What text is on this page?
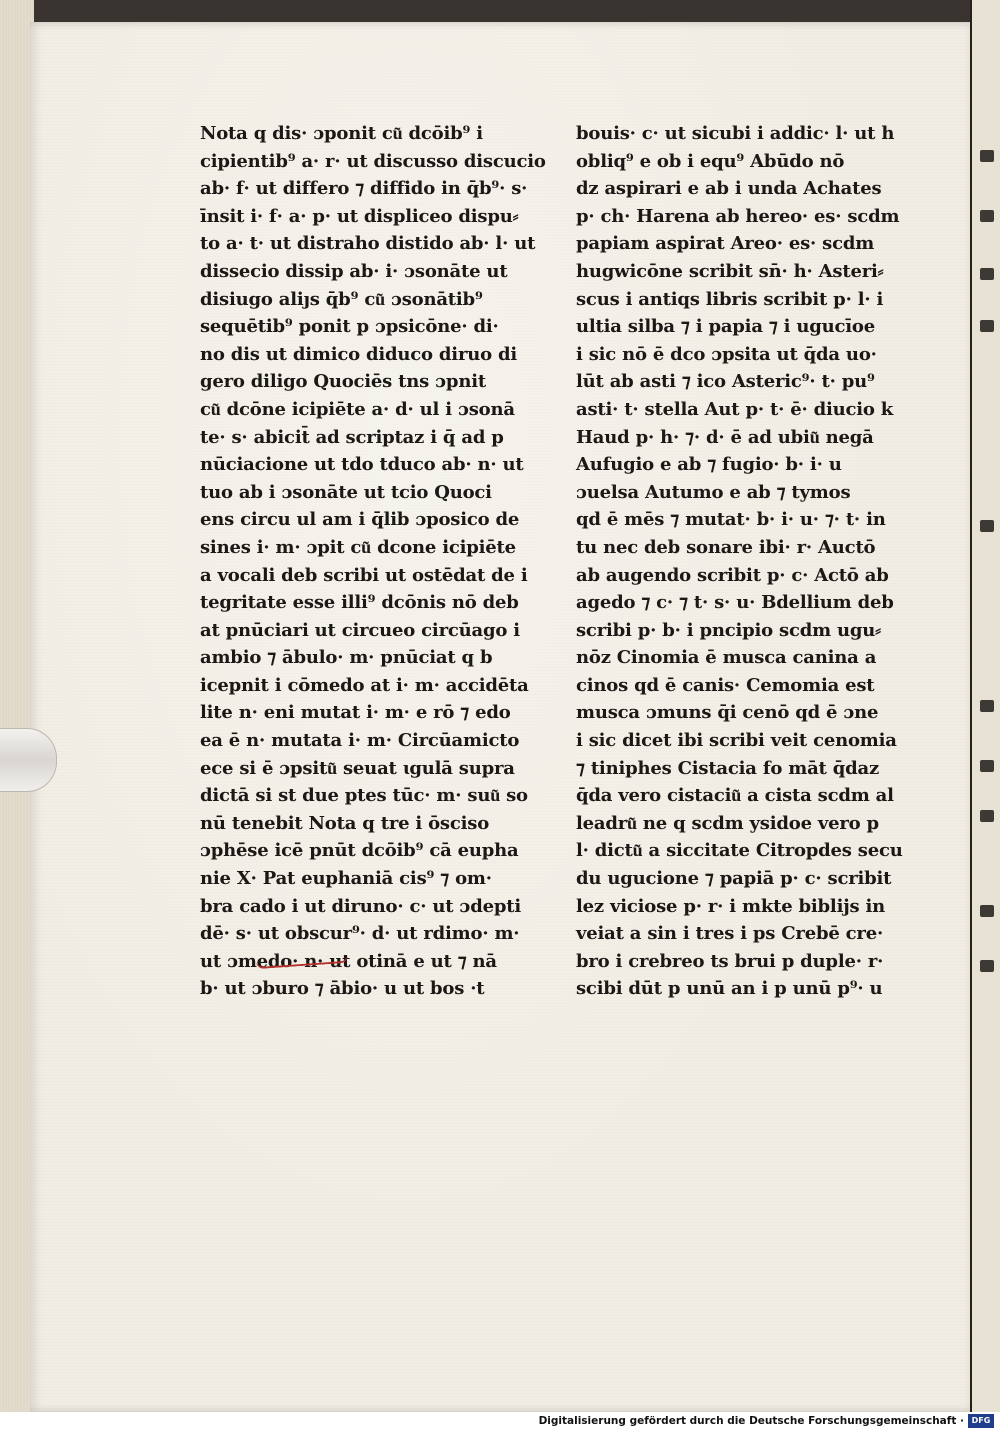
Nota q dis· ɔponit cu͂ dcōib⁹ i
cipientib⁹ a· r· ut discusso discucio
ab· f· ut differo ⁊ diffido in q̄b⁹· s·
īnsit i· f· a· p· ut displiceo dispu⸗
to a· t· ut distraho distido ab· l· ut
dissecio dissip ab· i· ɔsonāte ut
disiugo aliȷs q̄b⁹ cu͂ ɔsonātib⁹
sequētib⁹ ponit p ɔpsicōne· di·
no dis ut dimico diduco diruo di
gero diligo Quociēs tns ɔpnit
cu͂ dcōne icipiēte a· d· ul i ɔsonā
te· s· abicit̄ ad scriptaz i q̄ ad p
nūciacione ut tdo tduco ab· n· ut
tuo ab i ɔsonāte ut tcio Quoci
ens circu ul am i q̄lib ɔposico de
sines i· m· ɔpit cu͂ dcone icipiēte
a vocali deb scribi ut ostēdat de i
tegritate esse illi⁹ dcōnis nō deb
at pnūciari ut circueo circūago i
ambio ⁊ ābulo· m· pnūciat q b
icepnit i cōmedo at i· m· accidēta
lite n· eni mutat i· m· e rō ⁊ edo
ea ē n· mutata i· m· Circūamicto
ece si ē ɔpsitu͂ seuat ɩgulā supra
dictā si st due ptes tūc· m· suu͂ so
nū tenebit Nota q tre i ōsciso
ɔphēse icē pnūt dcōib⁹ cā eupha
nie X· Pat euphaniā cis⁹ ⁊ om·
bra cado i ut diruno· c· ut ɔdepti
dē· s· ut obscur⁹· d· ut rdimo· m·
ut ɔmedo· n· ut otinā e ut ⁊ nā
b· ut ɔburo ⁊ ābio· u ut bos ·t
bouis· c· ut sicubi i addic· l· ut h
obliq⁹ e ob i equ⁹ Abūdo nō
dz aspirari e ab i unda Achates
p· ch· Harena ab hereo· es· scdm
papiam aspirat Areo· es· scdm
hugwicōne scribit sn̄· h· Asteri⸗
scus i antiqs libris scribit p· l· i
ultia silba ⁊ i papia ⁊ i ugucīoe
i sic nō ē dco ɔpsita ut q̄da uo·
lūt ab asti ⁊ ico Asteric⁹· t· pu⁹
asti· t· stella Aut p· t· ē· diucio k
Haud p· h· ⁊· d· ē ad ubiu͂ negā
Aufugio e ab ⁊ fugio· b· i· u
ɔuelsa Autumo e ab ⁊ tymos
qd ē mēs ⁊ mutat· b· i· u· ⁊· t· in
tu nec deb sonare ibi· r· Auctō
ab augendo scribit p· c· Actō ab
agedo ⁊ c· ⁊ t· s· u· Bdellium deb
scribi p· b· i pncipio scdm ugu⸗
nōz Cinomia ē musca canina a
cinos qd ē canis· Cemomia est
musca ɔmuns q̄i cenō qd ē ɔne
i sic dicet ibi scribi veit cenomia
⁊ tiniphes Cistacia fo māt q̄daz
q̄da vero cistaciu͂ a cista scdm al
leadru͂ ne q scdm ysidoe vero p
l· dictu͂ a siccitate Citropdes secu
du ugucione ⁊ papiā p· c· scribit
lez viciose p· r· i mkte biblijs in
veiat a sin i tres i ps Crebē cre·
bro i crebreo ts brui p duple· r·
scibi dūt p unū an i p unū p⁹· u
Digitalisierung gefördert durch die Deutsche Forschungsgemeinschaft · DFG
